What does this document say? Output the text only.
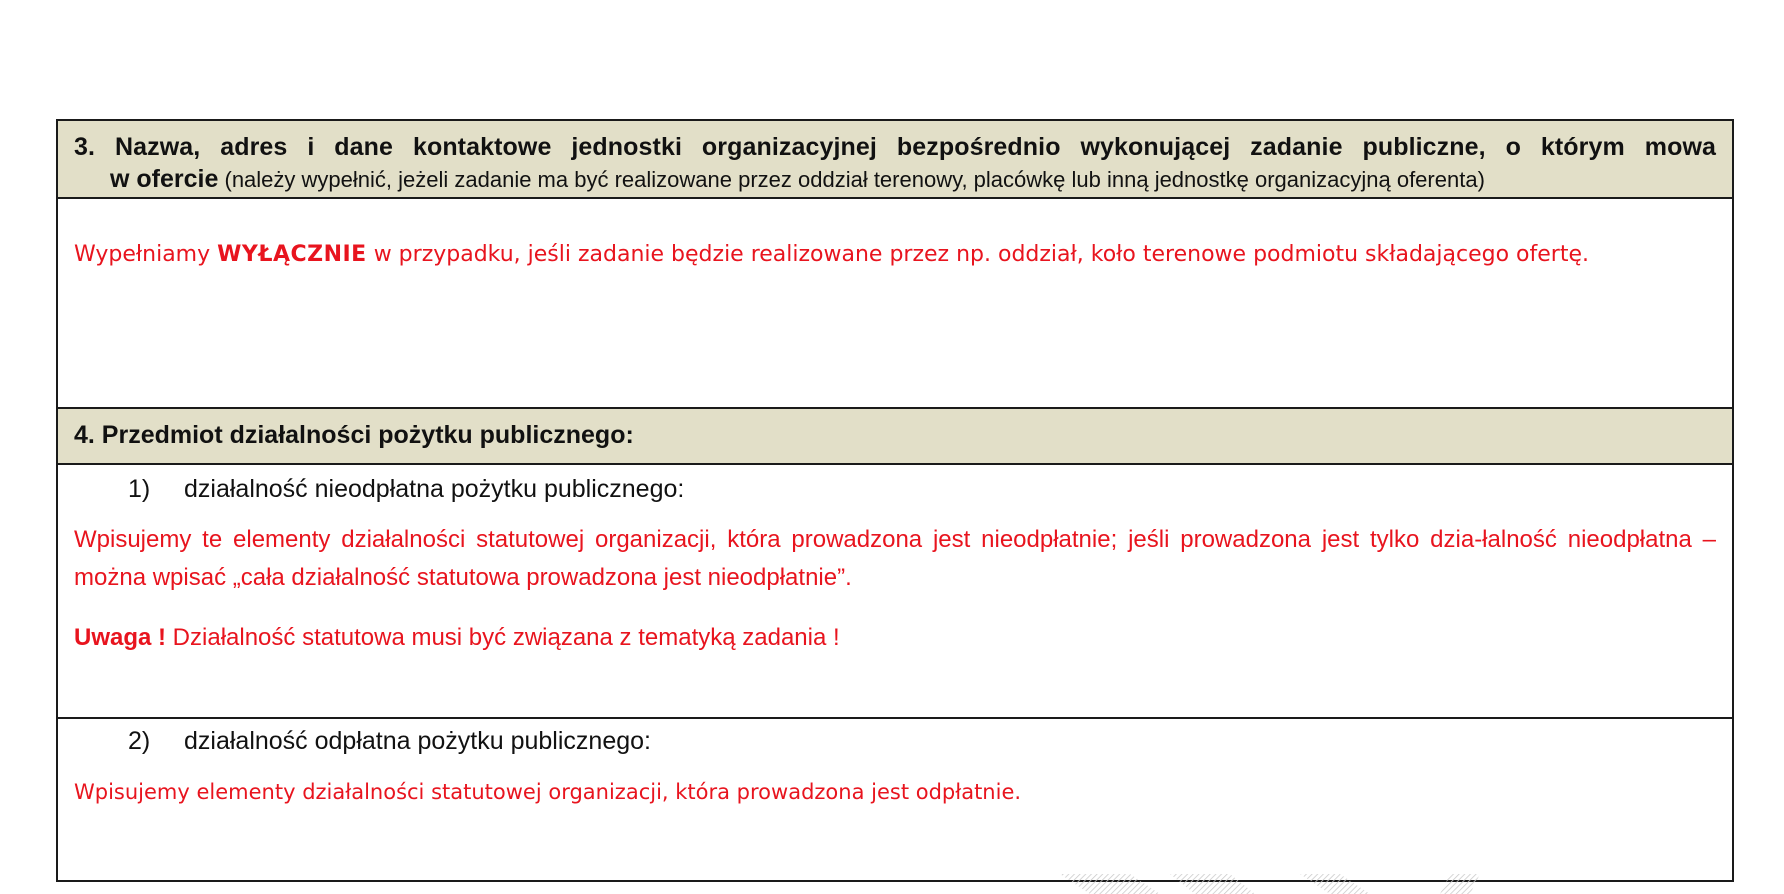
3. Nazwa, adres i dane kontaktowe jednostki organizacyjnej bezpośrednio wykonującej zadanie publiczne, o którym mowa
w ofercie (należy wypełnić, jeżeli zadanie ma być realizowane przez oddział terenowy, placówkę lub inną jednostkę organizacyjną oferenta)

Wypełniamy WYŁĄCZNIE w przypadku, jeśli zadanie będzie realizowane przez np. oddział, koło terenowe podmiotu składającego ofertę.

4. Przedmiot działalności pożytku publicznego:
1) działalność nieodpłatna pożytku publicznego:

Wpisujemy te elementy działalności statutowej organizacji, która prowadzona jest nieodpłatnie; jeśli prowadzona jest tylko dzia-łalność nieodpłatna – można wpisać „cała działalność statutowa prowadzona jest nieodpłatnie”.

Uwaga ! Działalność statutowa musi być związana z tematyką zadania !

2) działalność odpłatna pożytku publicznego:

Wpisujemy elementy działalności statutowej organizacji, która prowadzona jest odpłatnie.
